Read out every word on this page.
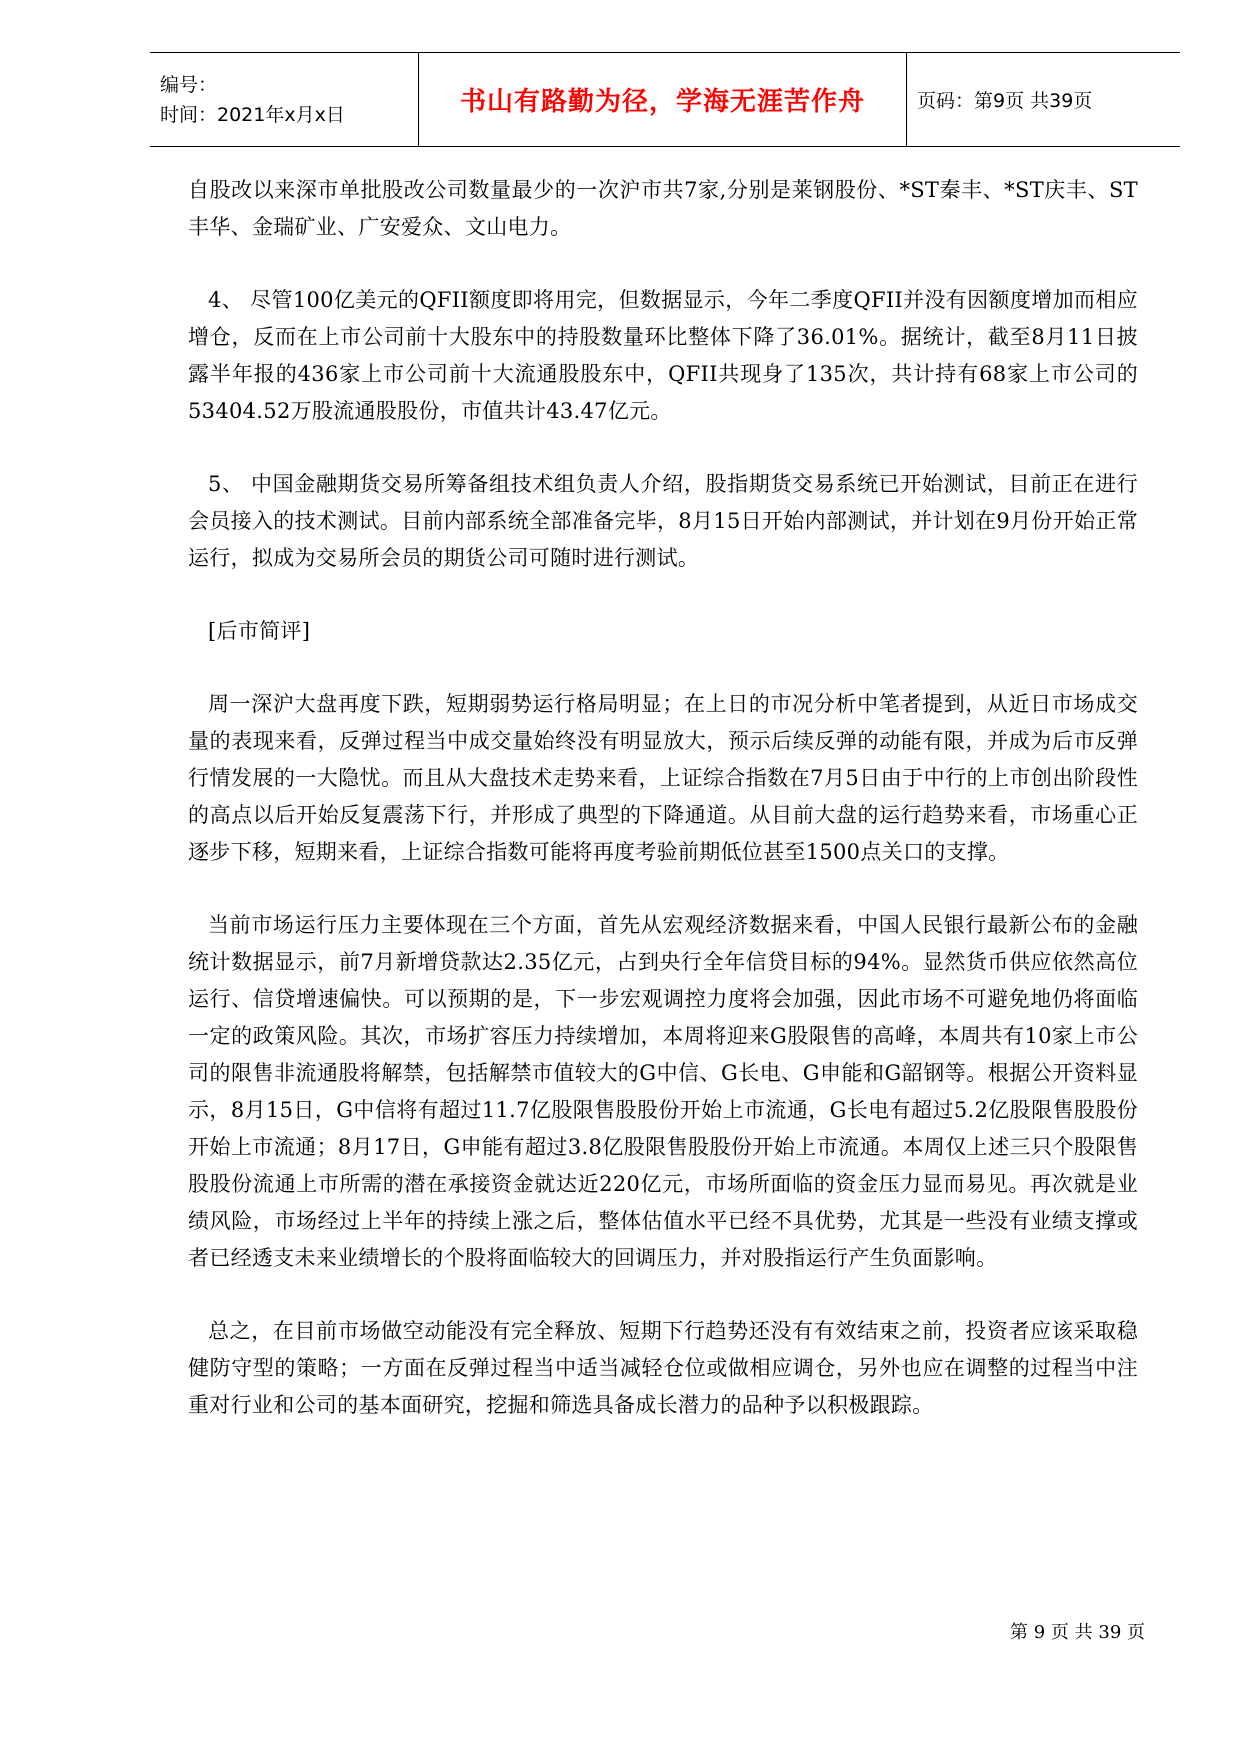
编号：
时间：2021年x月x日	书山有路勤为径，学海无涯苦作舟	页码：第9页 共39页

自股改以来深市单批股改公司数量最少的一次沪市共7家,分别是莱钢股份、*ST秦丰、*ST庆丰、ST丰华、金瑞矿业、广安爱众、文山电力。

4、 尽管100亿美元的QFII额度即将用完，但数据显示，今年二季度QFII并没有因额度增加而相应增仓，反而在上市公司前十大股东中的持股数量环比整体下降了36.01%。据统计，截至8月11日披露半年报的436家上市公司前十大流通股股东中，QFII共现身了135次，共计持有68家上市公司的53404.52万股流通股股份，市值共计43.47亿元。

5、 中国金融期货交易所筹备组技术组负责人介绍，股指期货交易系统已开始测试，目前正在进行会员接入的技术测试。目前内部系统全部准备完毕，8月15日开始内部测试，并计划在9月份开始正常运行，拟成为交易所会员的期货公司可随时进行测试。

[后市简评]

周一深沪大盘再度下跌，短期弱势运行格局明显；在上日的市况分析中笔者提到，从近日市场成交量的表现来看，反弹过程当中成交量始终没有明显放大，预示后续反弹的动能有限，并成为后市反弹行情发展的一大隐忧。而且从大盘技术走势来看，上证综合指数在7月5日由于中行的上市创出阶段性的高点以后开始反复震荡下行，并形成了典型的下降通道。从目前大盘的运行趋势来看，市场重心正逐步下移，短期来看，上证综合指数可能将再度考验前期低位甚至1500点关口的支撑。

当前市场运行压力主要体现在三个方面，首先从宏观经济数据来看，中国人民银行最新公布的金融统计数据显示，前7月新增贷款达2.35亿元，占到央行全年信贷目标的94%。显然货币供应依然高位运行、信贷增速偏快。可以预期的是，下一步宏观调控力度将会加强，因此市场不可避免地仍将面临一定的政策风险。其次，市场扩容压力持续增加，本周将迎来G股限售的高峰，本周共有10家上市公司的限售非流通股将解禁，包括解禁市值较大的G中信、G长电、G申能和G韶钢等。根据公开资料显示，8月15日，G中信将有超过11.7亿股限售股股份开始上市流通，G长电有超过5.2亿股限售股股份开始上市流通；8月17日，G申能有超过3.8亿股限售股股份开始上市流通。本周仅上述三只个股限售股股份流通上市所需的潜在承接资金就达近220亿元，市场所面临的资金压力显而易见。再次就是业绩风险，市场经过上半年的持续上涨之后，整体估值水平已经不具优势，尤其是一些没有业绩支撑或者已经透支未来业绩增长的个股将面临较大的回调压力，并对股指运行产生负面影响。

总之，在目前市场做空动能没有完全释放、短期下行趋势还没有有效结束之前，投资者应该采取稳健防守型的策略；一方面在反弹过程当中适当减轻仓位或做相应调仓，另外也应在调整的过程当中注重对行业和公司的基本面研究，挖掘和筛选具备成长潜力的品种予以积极跟踪。

第 9 页 共 39 页
